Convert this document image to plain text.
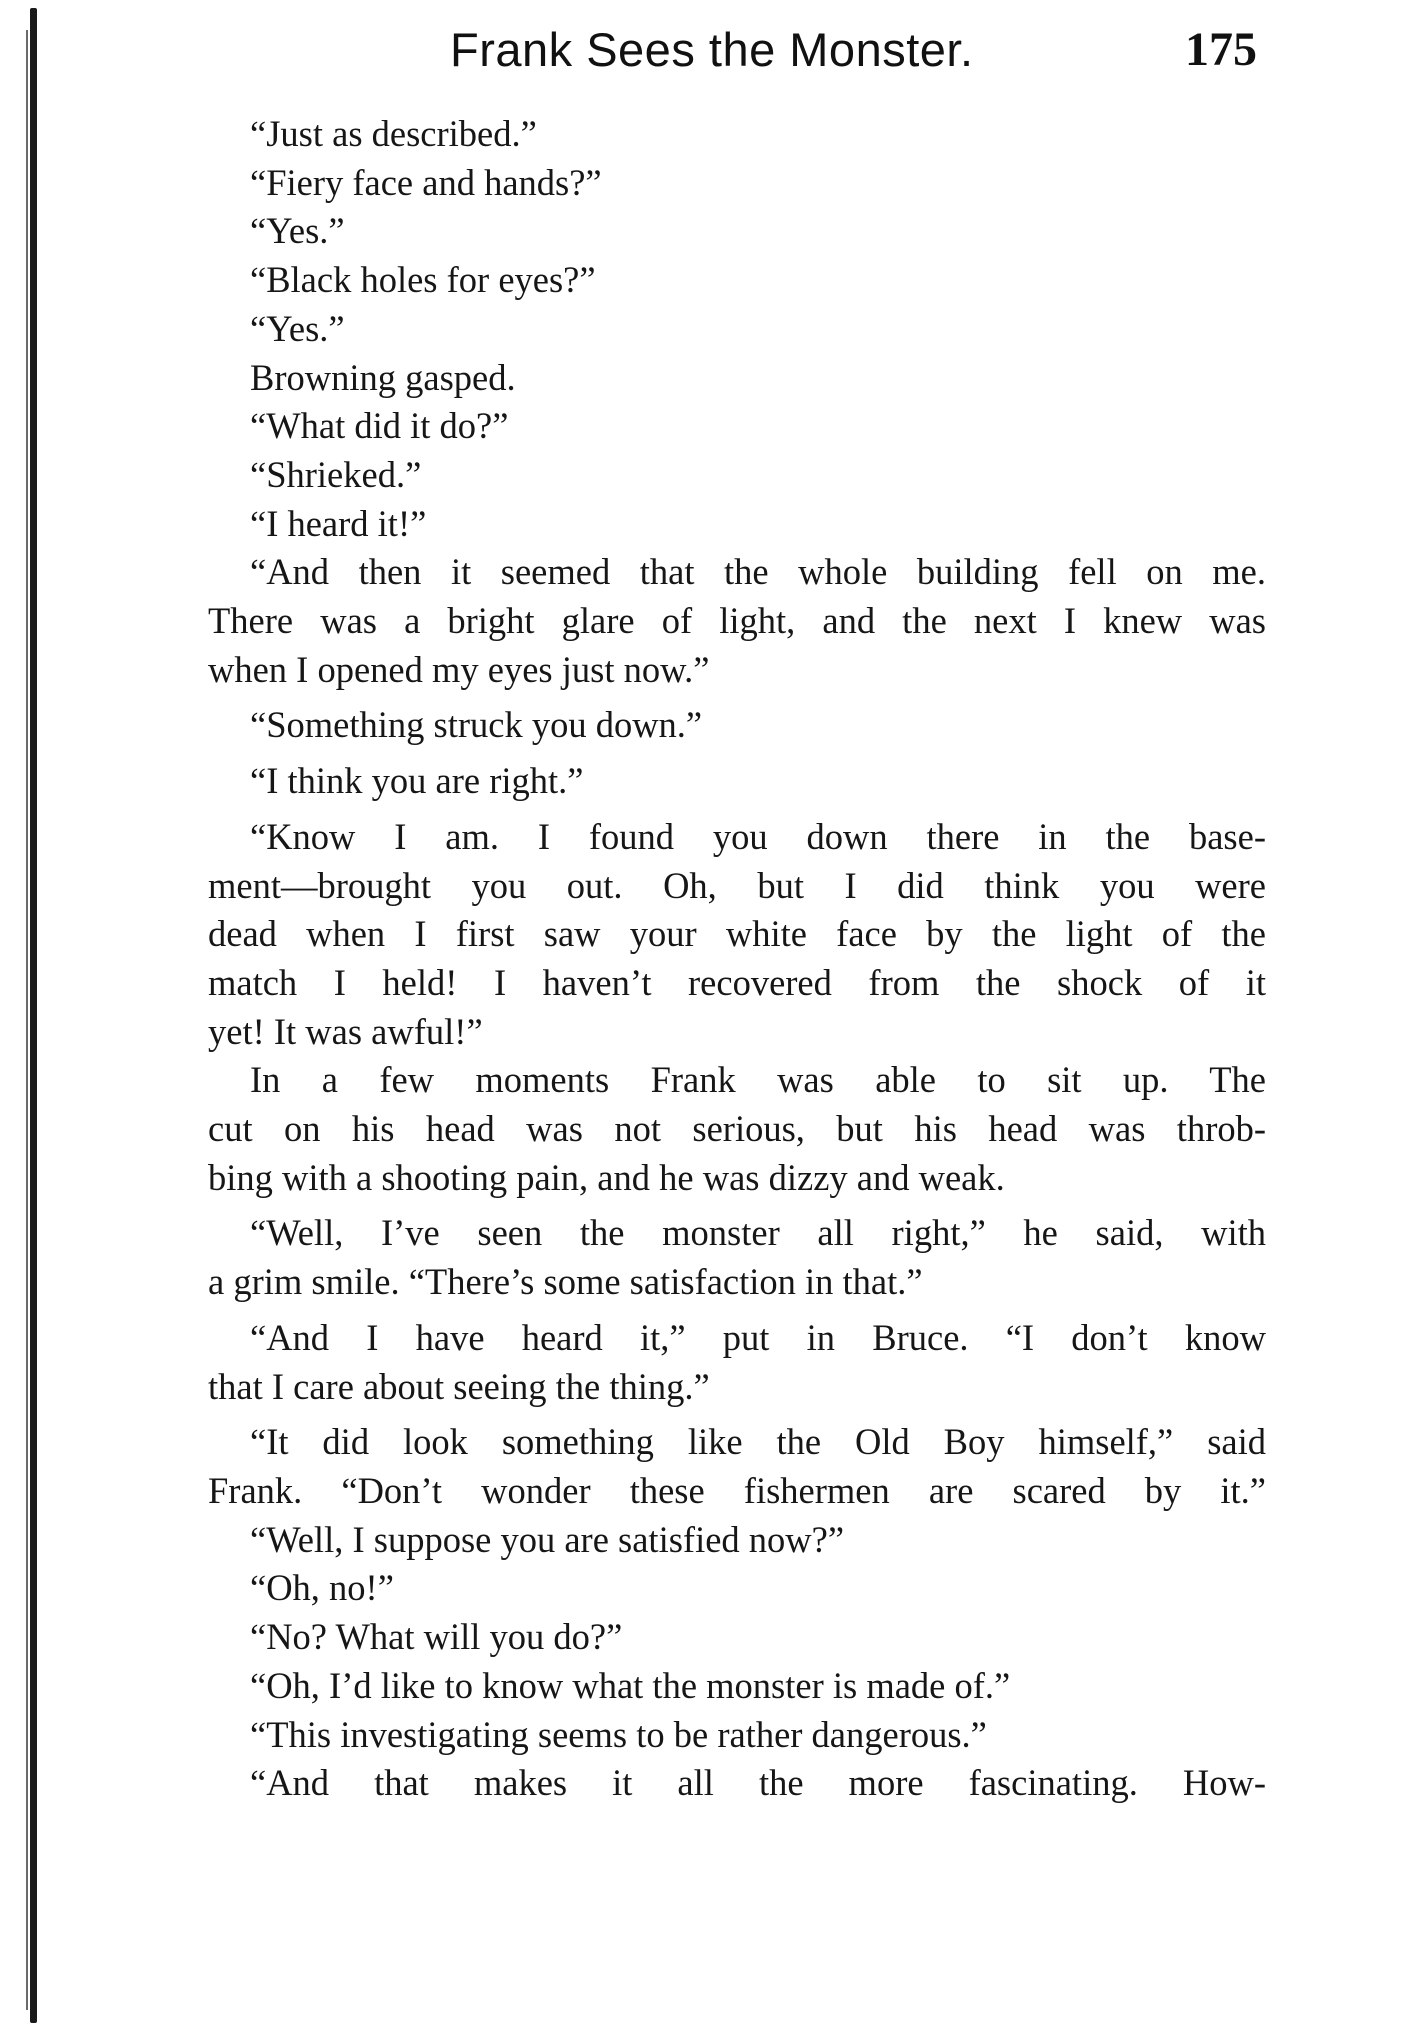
Frank Sees the Monster.	175
“Just as described.”
“Fiery face and hands?”
“Yes.”
“Black holes for eyes?”
“Yes.”
Browning gasped.
“What did it do?”
“Shrieked.”
“I heard it!”
“And then it seemed that the whole building fell on me.
There was a bright glare of light, and the next I knew was
when I opened my eyes just now.”
“Something struck you down.”
“I think you are right.”
“Know I am. I found you down there in the base-
ment—brought you out. Oh, but I did think you were
dead when I first saw your white face by the light of the
match I held! I haven’t recovered from the shock of it
yet! It was awful!”
In a few moments Frank was able to sit up. The
cut on his head was not serious, but his head was throb-
bing with a shooting pain, and he was dizzy and weak.
“Well, I’ve seen the monster all right,” he said, with
a grim smile. “There’s some satisfaction in that.”
“And I have heard it,” put in Bruce. “I don’t know
that I care about seeing the thing.”
“It did look something like the Old Boy himself,” said
Frank. “Don’t wonder these fishermen are scared by it.”
“Well, I suppose you are satisfied now?”
“Oh, no!”
“No? What will you do?”
“Oh, I’d like to know what the monster is made of.”
“This investigating seems to be rather dangerous.”
“And that makes it all the more fascinating. How-
